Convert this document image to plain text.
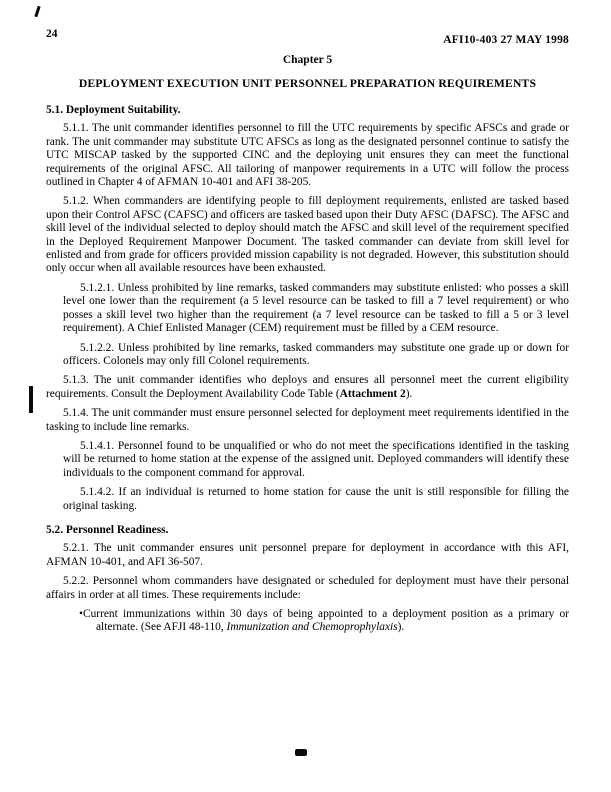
24	AFI10-403 27 MAY 1998
Chapter 5
DEPLOYMENT EXECUTION UNIT PERSONNEL PREPARATION REQUIREMENTS
5.1. Deployment Suitability.
5.1.1. The unit commander identifies personnel to fill the UTC requirements by specific AFSCs and grade or rank. The unit commander may substitute UTC AFSCs as long as the designated personnel continue to satisfy the UTC MISCAP tasked by the supported CINC and the deploying unit ensures they can meet the functional requirements of the original AFSC. All tailoring of manpower requirements in a UTC will follow the process outlined in Chapter 4 of AFMAN 10-401 and AFI 38-205.
5.1.2. When commanders are identifying people to fill deployment requirements, enlisted are tasked based upon their Control AFSC (CAFSC) and officers are tasked based upon their Duty AFSC (DAFSC). The AFSC and skill level of the individual selected to deploy should match the AFSC and skill level of the requirement specified in the Deployed Requirement Manpower Document. The tasked commander can deviate from skill level for enlisted and from grade for officers provided mission capability is not degraded. However, this substitution should only occur when all available resources have been exhausted.
5.1.2.1. Unless prohibited by line remarks, tasked commanders may substitute enlisted: who posses a skill level one lower than the requirement (a 5 level resource can be tasked to fill a 7 level requirement) or who posses a skill level two higher than the requirement (a 7 level resource can be tasked to fill a 5 or 3 level requirement). A Chief Enlisted Manager (CEM) requirement must be filled by a CEM resource.
5.1.2.2. Unless prohibited by line remarks, tasked commanders may substitute one grade up or down for officers. Colonels may only fill Colonel requirements.
5.1.3. The unit commander identifies who deploys and ensures all personnel meet the current eligibility requirements. Consult the Deployment Availability Code Table (Attachment 2).
5.1.4. The unit commander must ensure personnel selected for deployment meet requirements identified in the tasking to include line remarks.
5.1.4.1. Personnel found to be unqualified or who do not meet the specifications identified in the tasking will be returned to home station at the expense of the assigned unit. Deployed commanders will identify these individuals to the component command for approval.
5.1.4.2. If an individual is returned to home station for cause the unit is still responsible for filling the original tasking.
5.2. Personnel Readiness.
5.2.1. The unit commander ensures unit personnel prepare for deployment in accordance with this AFI, AFMAN 10-401, and AFI 36-507.
5.2.2. Personnel whom commanders have designated or scheduled for deployment must have their personal affairs in order at all times. These requirements include:
•Current immunizations within 30 days of being appointed to a deployment position as a primary or alternate. (See AFJI 48-110, Immunization and Chemoprophylaxis).
